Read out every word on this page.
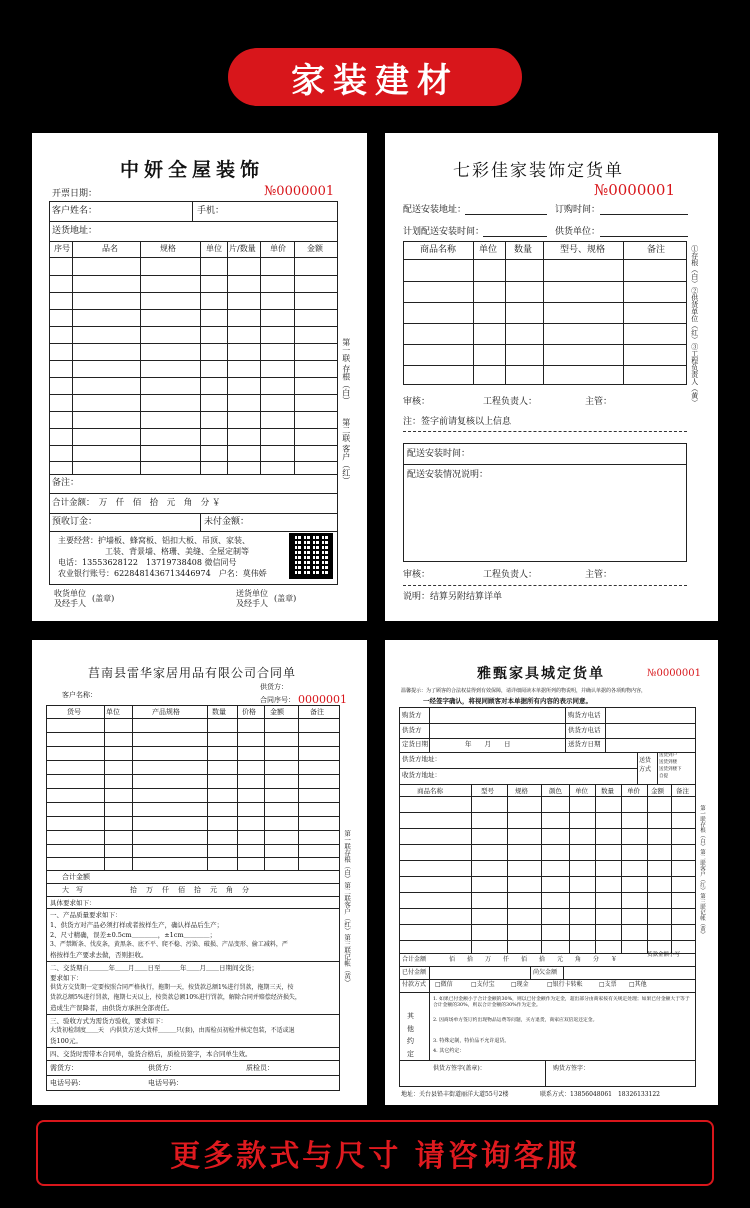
家装建材
中妍全屋装饰
№0000001
开票日期：
客户姓名：	手机：
送货地址：
序号	品名	规格	单位 片/数量 单价	金额
备注：
合计金额：　万　仟　佰　拾　元　角　分 ￥
预收订金：	未付金额：
主要经营：护墙板、蜂窝板、铝扣大板、吊顶、家装、
工装、背景墙、格珊、美缝、全屋定制等
电话：13553628122　13719738408 微信同号
农业银行账号：6228481436713446974　户名：莫伟娇
收货单位
及经手人
(盖章)
送货单位
及经手人
(盖章)
第一联 存根（白）
第二联 客户（红）
七彩佳家装饰定货单
№0000001
配送安装地址：	订购时间：
计划配送安装时间：	供货单位：
商品名称	单位 数量	型号、规格	备注	①存根（白）②供货单位（红）③工程负责人（黄）
审核：	工程负责人：	主管：
注：签字前请复核以上信息
配送安装时间：
配送安装情况说明：
审核：	工程负责人：	主管：
说明：结算另附结算详单
莒南县雷华家居用品有限公司合同单
供货方：
客户名称：
合同序号： 0000001
货号	单位	产品规格	数量 价格 金额	备注
合计金额
大　写	拾　万　仟　佰　拾　元　角　分
具体要求如下：
一、产品质量要求如下：
1、供货方对产品必须打样或者按样生产，确认样品后生产；
2、尺寸精确，误差±0.5cm＿＿＿＿，±1cm＿＿＿＿；
3、严禁断条、伐皮条，黄黑条、底不平、爬不稳、污染、破损、产品变形、偷工减料，严
格按样生产要求去做，否则拒收。
二、交货期自＿＿＿年＿＿月＿＿日至＿＿＿年＿＿月＿＿日期间交货；
要求如下：
供货方交货期一定要按照合同严格执行，拖期一天，按货款总额1%进行罚款，拖期三天，按
货款总额5%进行罚款，拖期七天以上，按货款总额10%进行罚款，解除合同并赔偿经济损失，
造成生产误降者，由供货方承担全部责任。
三、验收方式为需货方验收，要求如下：
大货初检制度＿＿天　内供货方送大货样＿＿＿只(套)，由需检员初检并核定包装，不适或退
货100元。
四、交货时需带本合同单，验货合格后，质检员签字，本合同单生效。
需货方：	供货方：	质检员：
电话号码：	电话号码：
第一联存根（白）第二联客户（红）第三联记帐（黄）
雅甄家具城定货单	№0000001
温馨提示：为了顾客的合法权益得到有效保障，请详细阅读本单据所列的物说明，并确认单据的各项购物内容，
一经签字确认，将视同顾客对本单据所有内容的表示同意。
购货方	购货方电话
供货方	供货方电话
定货日期	年　　月　　日	送货方日期
供货方地址：
收货方地址：
送货方式
送货到户
送货到楼
送货到楼下
自提
商品名称	型号	规格	颜色 单位 数量 单价 金额 备注
合计金额	佰　　拾　　万　　仟　　佰　　拾　　元　　角　　分　　￥
货款金额小写
已付金额	尚欠金额
付款方式 □微信	□支付宝	□现金	□银行卡转帐	□支票 □其他
其他约定
1. 如果已付金额小于合计金额的30%，则以已付金额作为定金，超出部分由商家按有关规定处理；如果已付金额大于等于合计金额的30%，则以合计金额的30%作为定金。
2. 因商场单方签订约出现物品运费等问题，买方退货，商家应双倍返还定金。
3. 特殊定制，特价品不允许退货。
4. 其它约定：
供货方签字(盖章)：	购货方签字：
地址：关台县铅丰街道丽洋大道55号2楼	联系方式：13856048061　18326133122
第一联存根（白）第二联客户（红）第三联记帐（黄）
更多款式与尺寸 请咨询客服
